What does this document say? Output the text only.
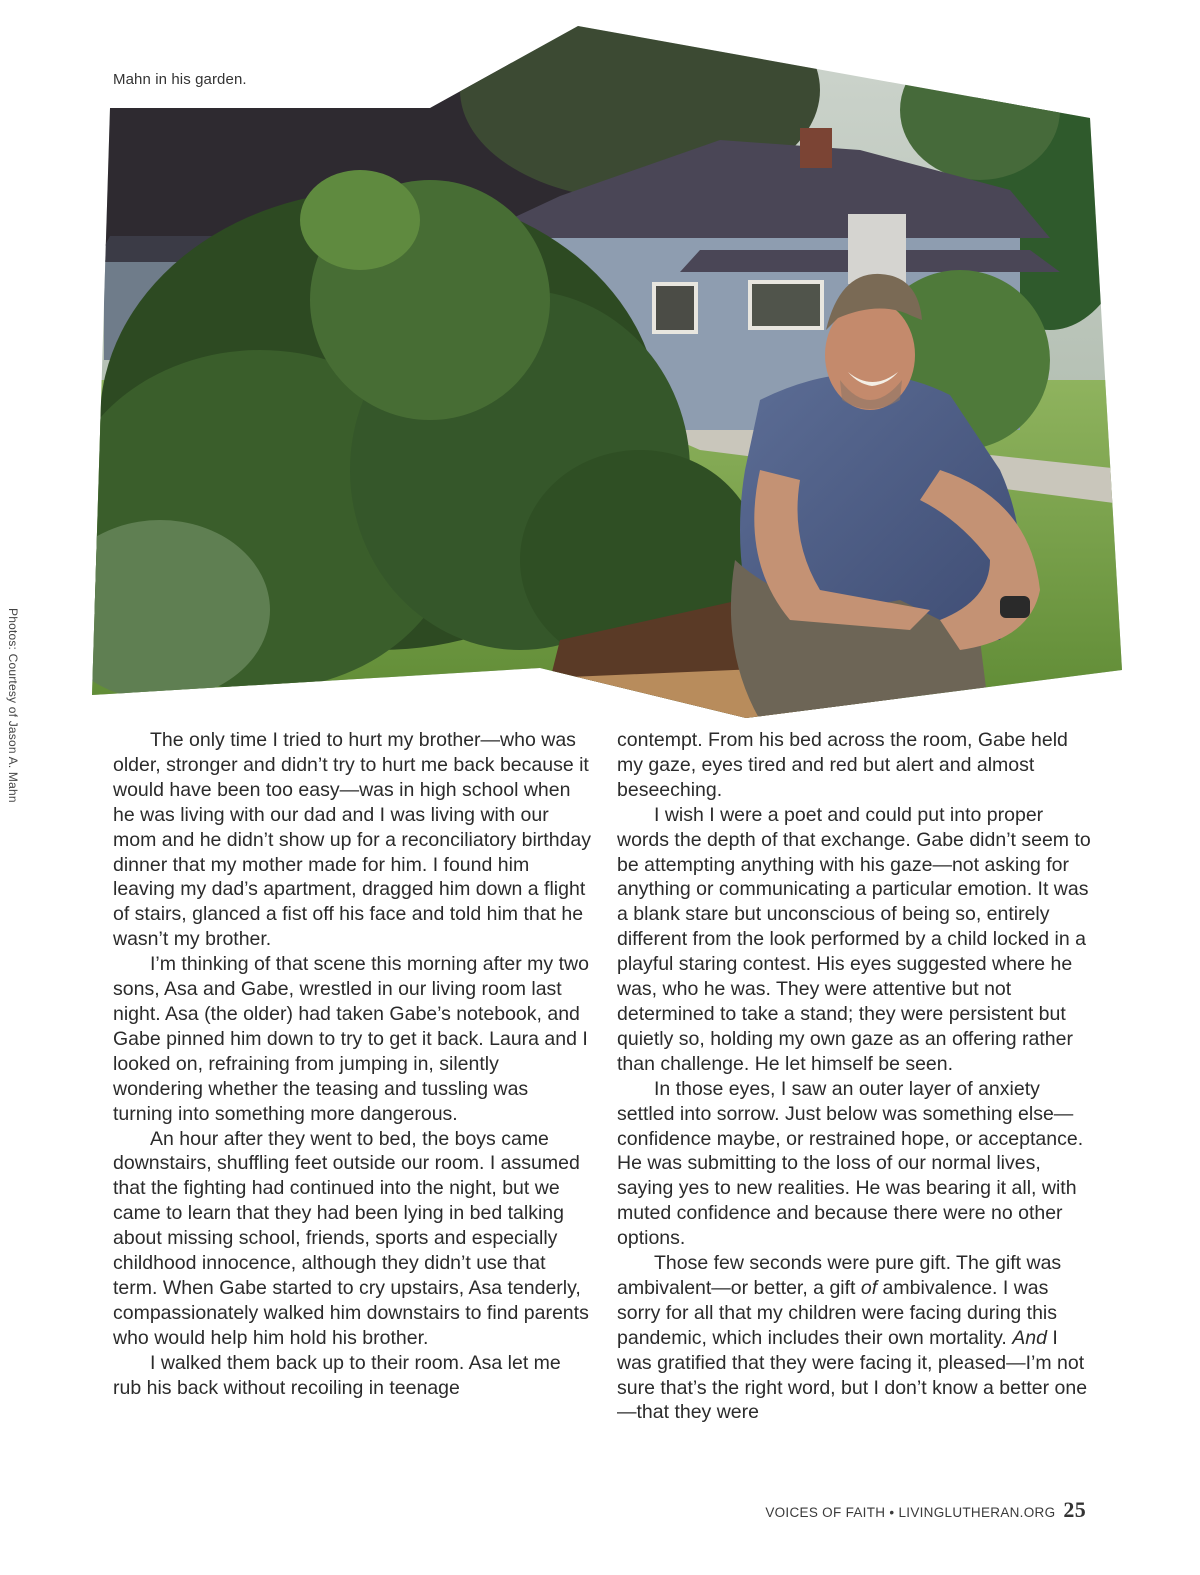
Mahn in his garden.
Photos: Courtesy of Jason A. Mahn	The only time I tried to hurt my brother—who was older, stronger and didn’t try to hurt me back because it would have been too easy—was in high school when he was living with our dad and I was living with our mom and he didn’t show up for a reconciliatory birthday dinner that my mother made for him. I found him leaving my dad’s apartment, dragged him down a flight of stairs, glanced a fist off his face and told him that he wasn’t my brother.

I’m thinking of that scene this morning after my two sons, Asa and Gabe, wrestled in our living room last night. Asa (the older) had taken Gabe’s notebook, and Gabe pinned him down to try to get it back. Laura and I looked on, refraining from jumping in, silently wondering whether the teasing and tussling was turning into something more dangerous.

An hour after they went to bed, the boys came downstairs, shuffling feet outside our room. I assumed that the fighting had continued into the night, but we came to learn that they had been lying in bed talking about missing school, friends, sports and especially childhood innocence, although they didn’t use that term. When Gabe started to cry upstairs, Asa tenderly, compassionately walked him downstairs to find parents who would help him hold his brother.

I walked them back up to their room. Asa let me rub his back without recoiling in teenage

contempt. From his bed across the room, Gabe held my gaze, eyes tired and red but alert and almost beseeching.

I wish I were a poet and could put into proper words the depth of that exchange. Gabe didn’t seem to be attempting anything with his gaze—not asking for anything or communicating a particular emotion. It was a blank stare but unconscious of being so, entirely different from the look performed by a child locked in a playful staring contest. His eyes suggested where he was, who he was. They were attentive but not determined to take a stand; they were persistent but quietly so, holding my own gaze as an offering rather than challenge. He let himself be seen.

In those eyes, I saw an outer layer of anxiety settled into sorrow. Just below was something else—confidence maybe, or restrained hope, or acceptance. He was submitting to the loss of our normal lives, saying yes to new realities. He was bearing it all, with muted confidence and because there were no other options.

Those few seconds were pure gift. The gift was ambivalent—or better, a gift of ambivalence. I was sorry for all that my children were facing during this pandemic, which includes their own mortality. And I was gratified that they were facing it, pleased—I’m not sure that’s the right word, but I don’t know a better one—that they were

VOICES OF FAITH • LIVINGLUTHERAN.ORG 25
